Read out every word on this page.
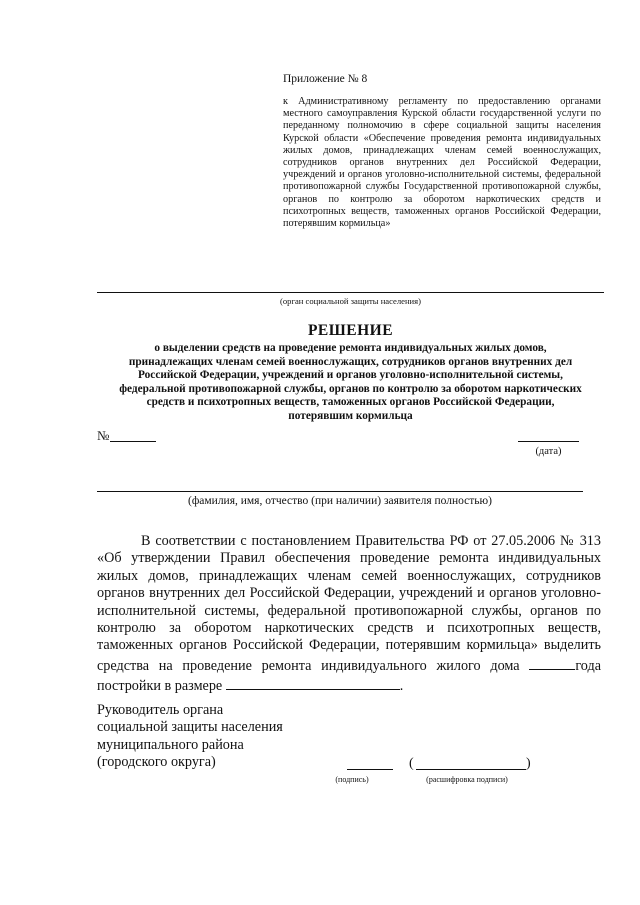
Приложение № 8
к Административному регламенту по предоставлению органами местного самоуправления Курской области государственной услуги по переданному полномочию в сфере социальной защиты населения Курской области «Обеспечение проведения ремонта индивидуальных жилых домов, принадлежащих членам семей военнослужащих, сотрудников органов внутренних дел Российской Федерации, учреждений и органов уголовно-исполнительной системы, федеральной противопожарной службы Государственной противопожарной службы, органов по контролю за оборотом наркотических средств и психотропных веществ, таможенных органов Российской Федерации, потерявшим кормильца»
(орган социальной защиты населения)
РЕШЕНИЕ
о выделении средств на проведение ремонта индивидуальных жилых домов, принадлежащих членам семей военнослужащих, сотрудников органов внутренних дел Российской Федерации, учреждений и органов уголовно-исполнительной системы, федеральной противопожарной службы, органов по контролю за оборотом наркотических средств и психотропных веществ, таможенных органов Российской Федерации, потерявшим кормильца
№
(дата)
(фамилия, имя, отчество (при наличии) заявителя полностью)
В соответствии с постановлением Правительства РФ от 27.05.2006 № 313 «Об утверждении Правил обеспечения проведение ремонта индивидуальных жилых домов, принадлежащих членам семей военнослужащих, сотрудников органов внутренних дел Российской Федерации, учреждений и органов уголовно-исполнительной системы, федеральной противопожарной службы, органов по контролю за оборотом наркотических средств и психотропных веществ, таможенных органов Российской Федерации, потерявшим кормильца» выделить средства на проведение ремонта индивидуального жилого дома	года постройки в размере	.
Руководитель органа
социальной защиты населения
муниципального района
(городского округа)
(подпись)
(	)
(расшифровка подписи)
